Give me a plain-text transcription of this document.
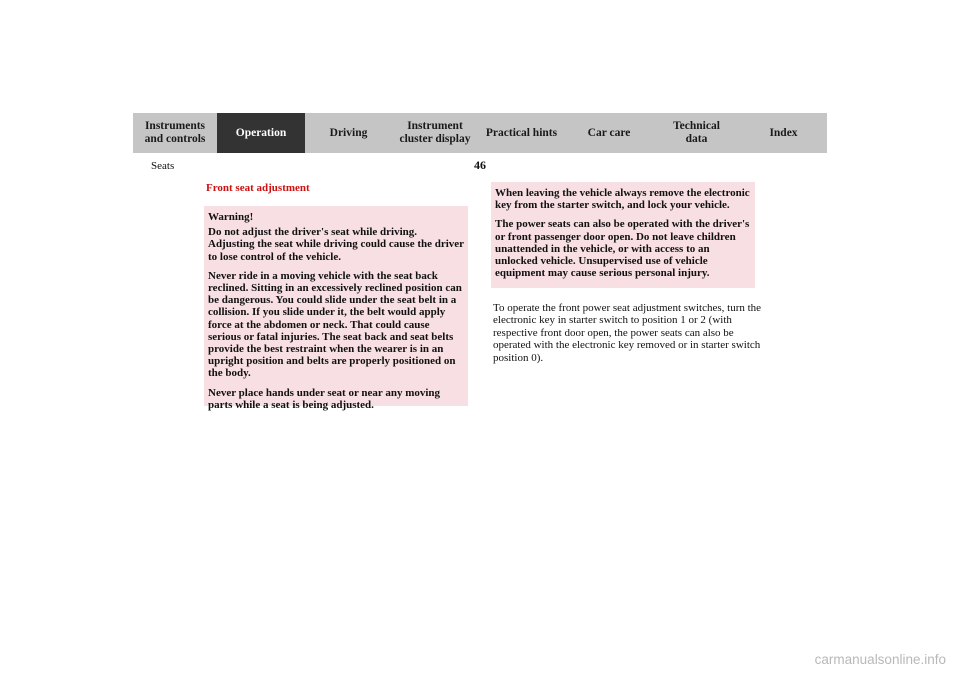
Instruments
and controls
Operation	Driving
Instrument
cluster display
Practical hints	Car care
Technical
data
Index
Seats	46
Front seat adjustment

Warning!

Do not adjust the driver's seat while driving. Adjusting the seat while driving could cause the driver to lose control of the vehicle.

Never ride in a moving vehicle with the seat back reclined. Sitting in an excessively reclined position can be dangerous. You could slide under the seat belt in a collision. If you slide under it, the belt would apply force at the abdomen or neck. That could cause serious or fatal injuries. The seat back and seat belts provide the best restraint when the wearer is in an upright position and belts are properly positioned on the body.

Never place hands under seat or near any moving parts while a seat is being adjusted.

When leaving the vehicle always remove the electronic key from the starter switch, and lock your vehicle.

The power seats can also be operated with the driver's or front passenger door open. Do not leave children unattended in the vehicle, or with access to an unlocked vehicle. Unsupervised use of vehicle equipment may cause serious personal injury.

To operate the front power seat adjustment switches, turn the electronic key in starter switch to position 1 or 2 (with respective front door open, the power seats can also be operated with the electronic key removed or in starter switch position 0).

carmanualsonline.info
